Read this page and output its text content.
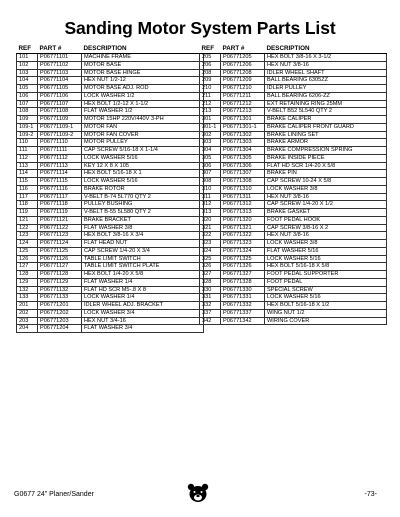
Sanding Motor System Parts List
REF	PART #	DESCRIPTION
101	P06771101	MACHINE FRAME
102	P06771102	MOTOR BASE
103	P06771103	MOTOR BASE HINGE
104	P06771104	HEX NUT 1/2-12
105	P06771105	MOTOR BASE ADJ. ROD
106	P06771106	LOCK WASHER 1/2
107	P06771107	HEX BOLT 1/2-12 X 1-1/2
108	P06771108	FLAT WASHER 1/2
109	P06771109	MOTOR 15HP 220V/440V 3-PH
109-1	P06771109-1	MOTOR FAN
109-2	P06771109-2	MOTOR FAN COVER
110	P06771110	MOTOR PULLEY
111	P06771111	CAP SCREW 5/16-18 X 1-1/4
112	P06771112	LOCK WASHER 5/16
113	P06771113	KEY 12 X 8 X 105
114	P06771114	HEX BOLT 5/16-18 X 1
115	P06771115	LOCK WASHER 5/16
116	P06771116	BRAKE ROTOR
117	P06771117	V-BELT B-74 5L770 QTY 2
118	P06771118	PULLEY BUSHING
119	P06771119	V-BELT B-55 5L580 QTY 2
121	P06771121	BRAKE BRACKET
122	P06771122	FLAT WASHER 3/8
123	P06771123	HEX BOLT 3/8-16 X 3/4
124	P06771124	FLAT HEAD NUT
125	P06771125	CAP SCREW 1/4-20 X 3/4
126	P06771126	TABLE LIMIT SWITCH
127	P06771127	TABLE LIMIT SWITCH PLATE
128	P06771128	HEX BOLT 1/4-20 X 5/8
129	P06771129	FLAT WASHER 1/4
132	P06771132	FLAT HD SCR M5-.8 X 8
133	P06771133	LOCK WASHER 1/4
201	P06771201	IDLER WHEEL ADJ. BRACKET
202	P06771202	LOCK WASHER 3/4
203	P06771203	HEX NUT 3/4-16
204	P06771204	FLAT WASHER 3/4
REF	PART #	DESCRIPTION
205	P06771205	HEX BOLT 3/8-16 X 3-1/2
206	P06771206	HEX NUT 3/8-16
208	P06771208	IDLER WHEEL SHAFT
209	P06771209	BALL BEARING 6305ZZ
210	P06771210	IDLER PULLEY
211	P06771211	BALL BEARING 6206-ZZ
212	P06771212	EXT RETAINING RING 25MM
213	P06771213	V-BELT B52 5L540 QTY 2
301	P06771301	BRAKE CALIPER
301-1	P06771301-1	BRAKE CALIPER FRONT GUARD
302	P06771302	BRAKE LINING SET
303	P06771303	BRAKE ARMOR
304	P06771304	BRAKE COMPRESSION SPRING
305	P06771305	BRAKE INSIDE PIECE
306	P06771306	FLAT HD SCR 1/4-20 X 5/8
307	P06771307	BRAKE PIN
308	P06771308	CAP SCREW 10-24 X 5/8
310	P06771310	LOCK WASHER 3/8
311	P06771311	HEX NUT 3/8-16
312	P06771312	CAP SCREW 1/4-20 X 1/2
313	P06771313	BRAKE GASKET
320	P06771320	FOOT PEDAL HOOK
321	P06771321	CAP SCREW 3/8-16 X 2
322	P06771322	HEX NUT 3/8-16
323	P06771323	LOCK WASHER 3/8
324	P06771324	FLAT WASHER 5/16
325	P06771325	LOCK WASHER 5/16
326	P06771326	HEX BOLT 5/16-18 X 5/8
327	P06771327	FOOT PEDAL SUPPORTER
328	P06771328	FOOT PEDAL
330	P06771330	SPECIAL SCREW
331	P06771331	LOCK WASHER 5/16
332	P06771332	HEX BOLT 5/16-18 X 1/2
337	P06771337	WING NUT 1/2
342	P06771342	WIRING COVER
G0677 24" Planer/Sander	-73-
